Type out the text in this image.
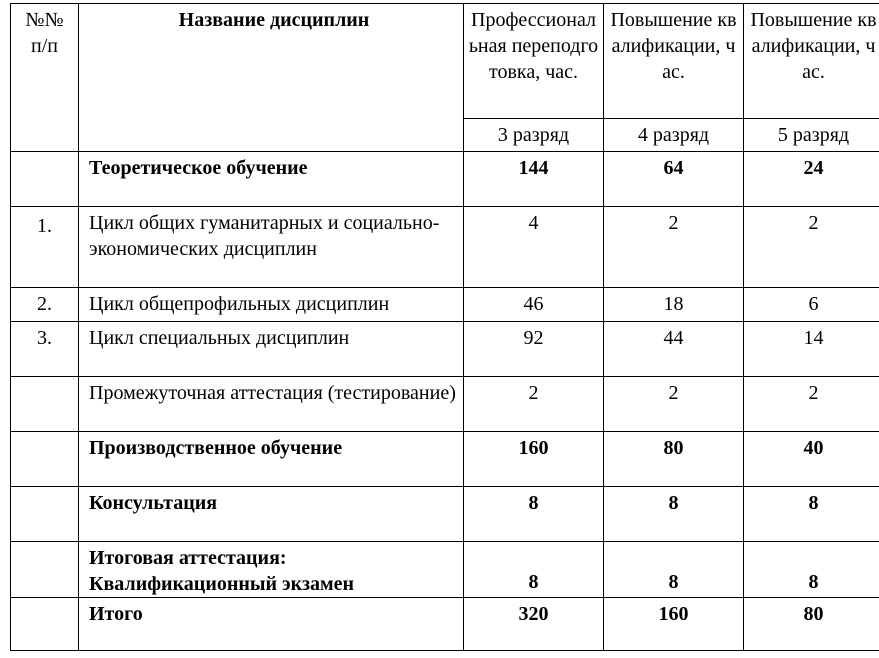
№№ п/п	Название дисциплин	Профессиональная переподготовка, час.	Повышение квалификации, час.	Повышение квалификации, час.
		3 разряд	4 разряд	5 разряд
	Теоретическое обучение	144	64	24
1.	Цикл общих гуманитарных и социально-экономических дисциплин	4	2	2
2.	Цикл общепрофильных дисциплин	46	18	6
3.	Цикл специальных дисциплин	92	44	14
	Промежуточная аттестация (тестирование)	2	2	2
	Производственное обучение	160	80	40
	Консультация	8	8	8
	Итоговая аттестация: Квалификационный экзамен	8	8	8
	Итого	320	160	80
